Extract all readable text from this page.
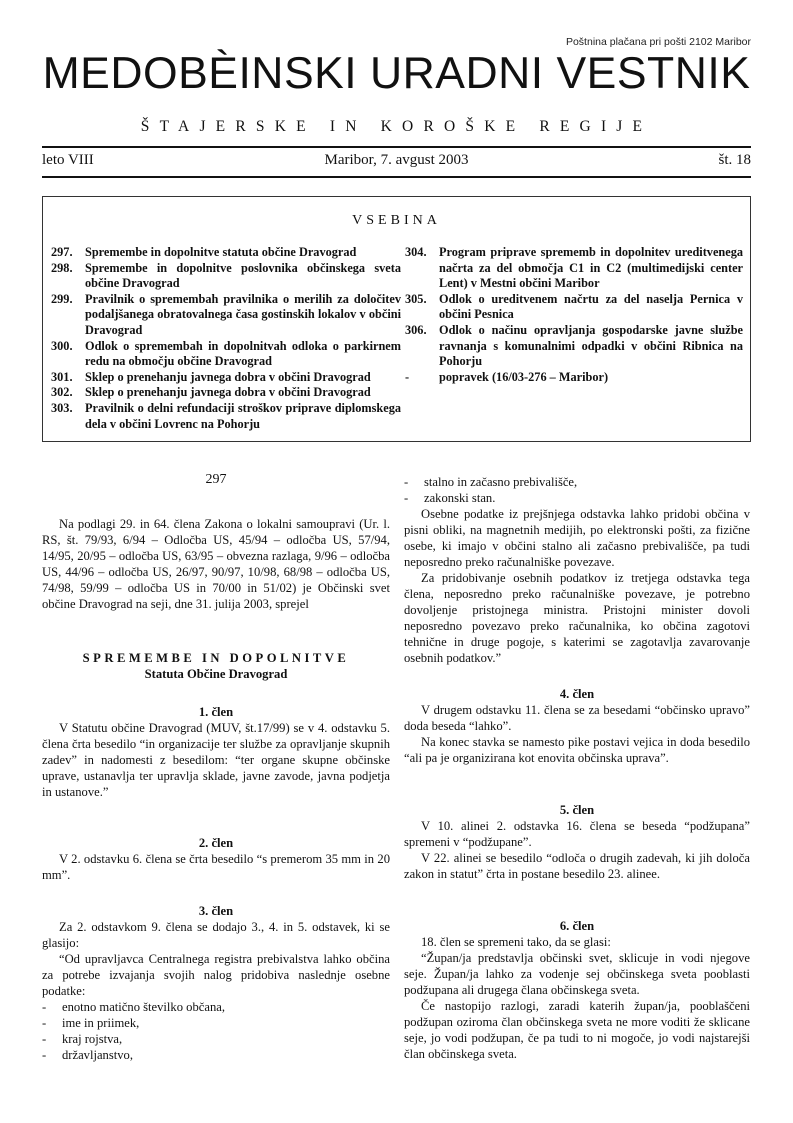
Poštnina plačana pri pošti 2102 Maribor
MEDOBÈINSKI URADNI VESTNIK
ŠTAJERSKE IN KOROŠKE REGIJE
leto VIII	Maribor, 7. avgust 2003	št. 18
VSEBINA
297.	Spremembe in dopolnitve statuta občine Dravograd
298.	Spremembe in dopolnitve poslovnika občinskega sveta občine Dravograd
299.	Pravilnik o spremembah pravilnika o merilih za določitev podaljšanega obratovalnega časa gostinskih lokalov v občini Dravograd
300.	Odlok o spremembah in dopolnitvah odloka o parkirnem redu na območju občine Dravograd
301.	Sklep o prenehanju javnega dobra v občini Dravograd
302.	Sklep o prenehanju javnega dobra v občini Dravograd
303.	Pravilnik o delni refundaciji stroškov priprave diplomskega dela v občini Lovrenc na Pohorju
304.	Program priprave sprememb in dopolnitev ureditvenega načrta za del območja C1 in C2 (multimedijski center Lent) v Mestni občini Maribor
305.	Odlok o ureditvenem načrtu za del naselja Pernica v občini Pesnica
306.	Odlok o načinu opravljanja gospodarske javne službe ravnanja s komunalnimi odpadki v občini Ribnica na Pohorju
-	popravek (16/03-276 – Maribor)
297

Na podlagi 29. in 64. člena Zakona o lokalni samoupravi (Ur. l. RS, št. 79/93, 6/94 – Odločba US, 45/94 – odločba US, 57/94, 14/95, 20/95 – odločba US, 63/95 – obvezna razlaga, 9/96 – odločba US, 44/96 – odločba US, 26/97, 90/97, 10/98, 68/98 – odločba US, 74/98, 59/99 – odločba US in 70/00 in 51/02) je Občinski svet občine Dravograd na seji, dne 31. julija 2003, sprejel

SPREMEMBE IN DOPOLNITVE
Statuta Občine Dravograd
1. člen

V Statutu občine Dravograd (MUV, št.17/99) se v 4. odstavku 5. člena črta besedilo “in organizacije ter službe za opravljanje skupnih zadev” in nadomesti z besedilom: “ter organe skupne občinske uprave, ustanavlja ter upravlja sklade, javne zavode, javna podjetja in ustanove.”

2. člen

V 2. odstavku 6. člena se črta besedilo “s premerom 35 mm in 20 mm”.

3. člen

Za 2. odstavkom 9. člena se dodajo 3., 4. in 5. odstavek, ki se glasijo:

“Od upravljavca Centralnega registra prebivalstva lahko občina za potrebe izvajanja svojih nalog pridobiva naslednje osebne podatke:

-	enotno matično številko občana,
-	ime in priimek,
-	kraj rojstva,
-	državljanstvo,
-	stalno in začasno prebivališče,
-	zakonski stan.

Osebne podatke iz prejšnjega odstavka lahko pridobi občina v pisni obliki, na magnetnih medijih, po elektronski pošti, za fizične osebe, ki imajo v občini stalno ali začasno prebivališče, pa tudi neposredno preko računalniške povezave.

Za pridobivanje osebnih podatkov iz tretjega odstavka tega člena, neposredno preko računalniške povezave, je potrebno dovoljenje pristojnega ministra. Pristojni minister dovoli neposredno povezavo preko računalnika, ko občina zagotovi tehnične in druge pogoje, s katerimi se zagotavlja zavarovanje osebnih podatkov.”

4. člen

V drugem odstavku 11. člena se za besedami “občinsko upravo” doda beseda “lahko”.

Na konec stavka se namesto pike postavi vejica in doda besedilo “ali pa je organizirana kot enovita občinska uprava”.

5. člen

V 10. alinei 2. odstavka 16. člena se beseda “podžupana” spremeni v “podžupane”.

V 22. alinei se besedilo “odloča o drugih zadevah, ki jih določa zakon in statut” črta in postane besedilo 23. alinee.

6. člen

18. člen se spremeni tako, da se glasi:

“Župan/ja predstavlja občinski svet, sklicuje in vodi njegove seje. Župan/ja lahko za vodenje sej občinskega sveta pooblasti podžupana ali drugega člana občinskega sveta.

Če nastopijo razlogi, zaradi katerih župan/ja, pooblaščeni podžupan oziroma član občinskega sveta ne more voditi že sklicane seje, jo vodi podžupan, če pa tudi to ni mogoče, jo vodi najstarejši član občinskega sveta.
